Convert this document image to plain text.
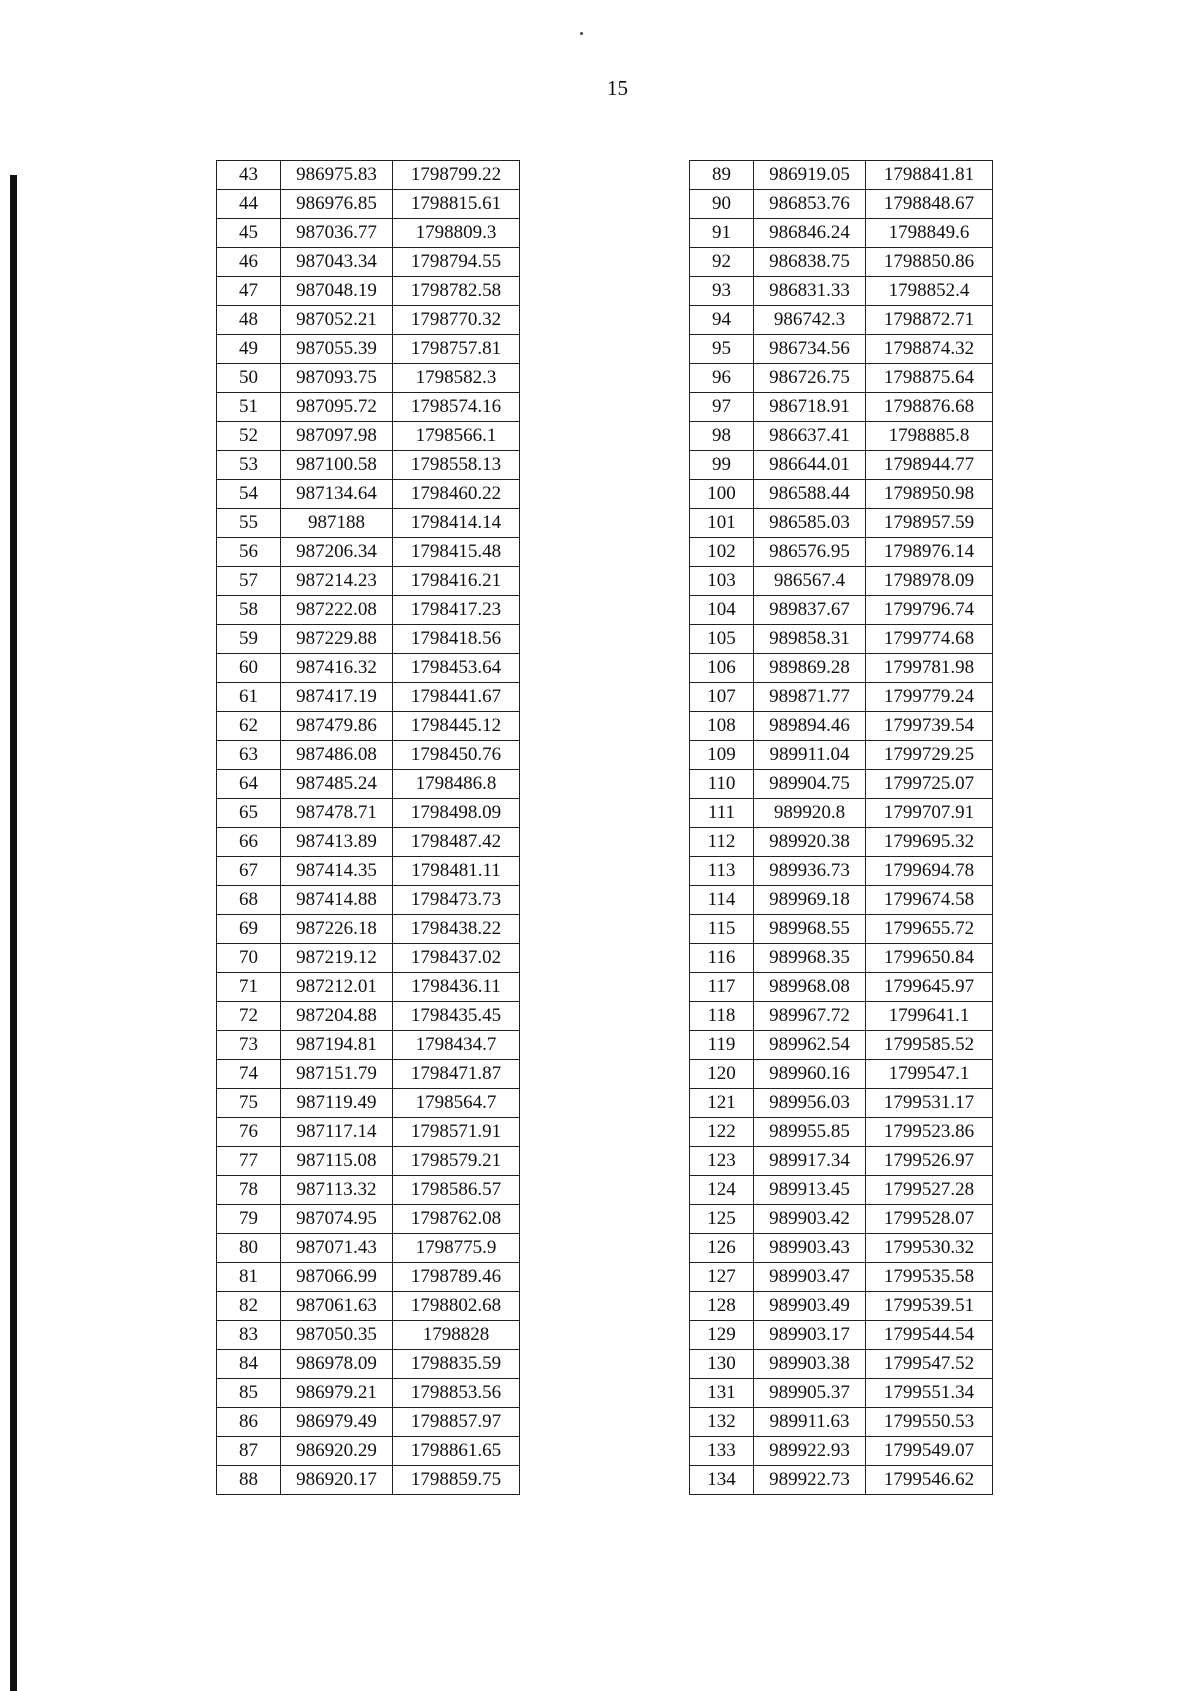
15
43	986975.83	1798799.22
44	986976.85	1798815.61
45	987036.77	1798809.3
46	987043.34	1798794.55
47	987048.19	1798782.58
48	987052.21	1798770.32
49	987055.39	1798757.81
50	987093.75	1798582.3
51	987095.72	1798574.16
52	987097.98	1798566.1
53	987100.58	1798558.13
54	987134.64	1798460.22
55	987188	1798414.14
56	987206.34	1798415.48
57	987214.23	1798416.21
58	987222.08	1798417.23
59	987229.88	1798418.56
60	987416.32	1798453.64
61	987417.19	1798441.67
62	987479.86	1798445.12
63	987486.08	1798450.76
64	987485.24	1798486.8
65	987478.71	1798498.09
66	987413.89	1798487.42
67	987414.35	1798481.11
68	987414.88	1798473.73
69	987226.18	1798438.22
70	987219.12	1798437.02
71	987212.01	1798436.11
72	987204.88	1798435.45
73	987194.81	1798434.7
74	987151.79	1798471.87
75	987119.49	1798564.7
76	987117.14	1798571.91
77	987115.08	1798579.21
78	987113.32	1798586.57
79	987074.95	1798762.08
80	987071.43	1798775.9
81	987066.99	1798789.46
82	987061.63	1798802.68
83	987050.35	1798828
84	986978.09	1798835.59
85	986979.21	1798853.56
86	986979.49	1798857.97
87	986920.29	1798861.65
88	986920.17	1798859.75
89	986919.05	1798841.81
90	986853.76	1798848.67
91	986846.24	1798849.6
92	986838.75	1798850.86
93	986831.33	1798852.4
94	986742.3	1798872.71
95	986734.56	1798874.32
96	986726.75	1798875.64
97	986718.91	1798876.68
98	986637.41	1798885.8
99	986644.01	1798944.77
100	986588.44	1798950.98
101	986585.03	1798957.59
102	986576.95	1798976.14
103	986567.4	1798978.09
104	989837.67	1799796.74
105	989858.31	1799774.68
106	989869.28	1799781.98
107	989871.77	1799779.24
108	989894.46	1799739.54
109	989911.04	1799729.25
110	989904.75	1799725.07
111	989920.8	1799707.91
112	989920.38	1799695.32
113	989936.73	1799694.78
114	989969.18	1799674.58
115	989968.55	1799655.72
116	989968.35	1799650.84
117	989968.08	1799645.97
118	989967.72	1799641.1
119	989962.54	1799585.52
120	989960.16	1799547.1
121	989956.03	1799531.17
122	989955.85	1799523.86
123	989917.34	1799526.97
124	989913.45	1799527.28
125	989903.42	1799528.07
126	989903.43	1799530.32
127	989903.47	1799535.58
128	989903.49	1799539.51
129	989903.17	1799544.54
130	989903.38	1799547.52
131	989905.37	1799551.34
132	989911.63	1799550.53
133	989922.93	1799549.07
134	989922.73	1799546.62
